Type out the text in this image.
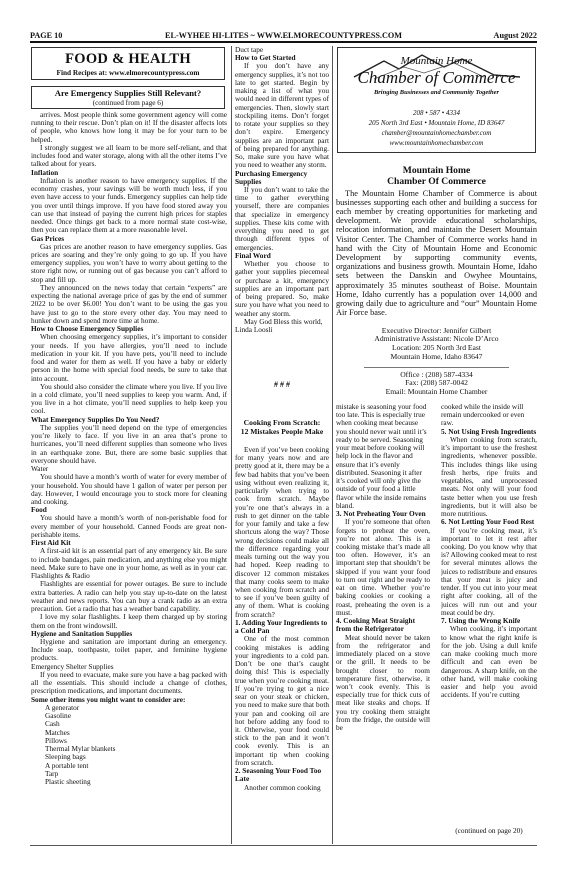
PAGE 10	EL-WYHEE HI-LITES ~ WWW.ELMORECOUNTYPRESS.COM	August 2022
FOOD & HEALTH
Find Recipes at: www.elmorecountypress.com
Are Emergency Supplies Still Relevant?
(continued from page 6)

arrives. Most people think some government agency will come running to their rescue. Don’t plan on it! If the disaster affects lots of people, who knows how long it may be for your turn to be helped.

I strongly suggest we all learn to be more self-reliant, and that includes food and water storage, along with all the other items I’ve talked about for years.

Inflation

Inflation is another reason to have emergency supplies. If the economy crashes, your savings will be worth much less, if you even have access to your funds. Emergency supplies can help tide you over until things improve. If you have food stored away you can use that instead of paying the current high prices for staples needed. Once things get back to a more normal state cost-wise, then you can replace them at a more reasonable level.

Gas Prices

Gas prices are another reason to have emergency supplies. Gas prices are soaring and they’re only going to go up. If you have emergency supplies, you won’t have to worry about getting to the store right now, or running out of gas because you can’t afford to stop and fill up.

They announced on the news today that certain “experts” are expecting the national average price of gas by the end of summer 2022 to be over $6.00! You don’t want to be using the gas you have just to go to the store every other day. You may need to hunker down and spend more time at home.

How to Choose Emergency Supplies

When choosing emergency supplies, it’s important to consider your needs. If you have allergies, you’ll need to include medication in your kit. If you have pets, you’ll need to include food and water for them as well. If you have a baby or elderly person in the home with special food needs, be sure to take that into account.

You should also consider the climate where you live. If you live in a cold climate, you’ll need supplies to keep you warm. And, if you live in a hot climate, you’ll need supplies to help keep you cool.

What Emergency Supplies Do You Need?

The supplies you’ll need depend on the type of emergencies you’re likely to face. If you live in an area that’s prone to hurricanes, you’ll need different supplies than someone who lives in an earthquake zone. But, there are some basic supplies that everyone should have.

Water

You should have a month’s worth of water for every member of your household. You should have 1 gallon of water per person per day. However, I would encourage you to stock more for cleaning and cooking.

Food

You should have a month’s worth of non-perishable food for every member of your household. Canned Foods are great non-perishable items.

First Aid Kit

A first-aid kit is an essential part of any emergency kit. Be sure to include bandages, pain medication, and anything else you might need. Make sure to have one in your home, as well as in your car. Flashlights & Radio

Flashlights are essential for power outages. Be sure to include extra batteries. A radio can help you stay up-to-date on the latest weather and news reports. You can buy a crank radio as an extra precaution. Get a radio that has a weather band capability.

I love my solar flashlights. I keep them charged up by storing them on the front windowsill.

Hygiene and Sanitation Supplies

Hygiene and sanitation are important during an emergency. Include soap, toothpaste, toilet paper, and feminine hygiene products.

Emergency Shelter Supplies

If you need to evacuate, make sure you have a bag packed with all the essentials. This should include a change of clothes, prescription medications, and important documents.

Some other items you might want to consider are:
A generator
Gasoline
Cash
Matches
Pillows
Thermal Mylar blankets
Sleeping bags
A portable tent
Tarp
Plastic sheeting
Duct tape
How to Get Started

If you don’t have any emergency supplies, it’s not too late to get started. Begin by making a list of what you would need in different types of emergencies. Then, slowly start stockpiling items. Don’t forget to rotate your supplies so they don’t expire. Emergency supplies are an important part of being prepared for anything. So, make sure you have what you need to weather any storm.

Purchasing Emergency Supplies

If you don’t want to take the time to gather everything yourself, there are companies that specialize in emergency supplies. These kits come with everything you need to get through different types of emergencies.

Final Word

Whether you choose to gather your supplies piecemeal or purchase a kit, emergency supplies are an important part of being prepared. So, make sure you have what you need to weather any storm.

May God Bless this world,

Linda Loosli
# # #
Mountain Home
Chamber of Commerce
Bringing Businesses and Community Together
208 • 587 • 4334
205 North 3rd East • Mountain Home, ID 83647
chamber@mountainhomechamber.com
www.mountainhomechamber.com
Mountain Home
Chamber Of Commerce

The Mountain Home Chamber of Commerce is about businesses supporting each other and building a success for each member by creating opportunities for marketing and development. We provide educational scholarships, relocation information, and maintain the Desert Mountain Visitor Center. The Chamber of Commerce works hand in hand with the City of Mountain Home and Economic Development by supporting community events, organizations and business growth. Mountain Home, Idaho sets between the Danskin and Owyhee Mountains, approximately 35 minutes southeast of Boise. Mountain Home, Idaho currently has a population over 14,000 and growing daily due to agriculture and “our” Mountain Home Air Force base.

Executive Director: Jennifer Gilbert
Administrative Assistant: Nicole D’Arco
Location: 205 North 3rd East
Mountain Home, Idaho 83647
Office : (208) 587-4334
Fax: (208) 587-0042
Email: Mountain Home Chamber
Cooking From Scratch:
12 Mistakes People Make

Even if you’ve been cooking for many years now and are pretty good at it, there may be a few bad habits that you’ve been using without even realizing it, particularly when trying to cook from scratch. Maybe you’re one that’s always in a rush to get dinner on the table for your family and take a few shortcuts along the way? Those wrong decisions could make all the difference regarding your meals turning out the way you had hoped. Keep reading to discover 12 common mistakes that many cooks seem to make when cooking from scratch and to see if you’ve been guilty of any of them. What is cooking from scratch?

1. Adding Your Ingredients to a Cold Pan

One of the most common cooking mistakes is adding your ingredients to a cold pan. Don’t be one that’s caught doing this! This is especially true when you’re cooking meat. If you’re trying to get a nice sear on your steak or chicken, you need to make sure that both your pan and cooking oil are hot before adding any food to it. Otherwise, your food could stick to the pan and it won’t cook evenly. This is an important tip when cooking from scratch.

2. Seasoning Your Food Too Late

Another common cooking

mistake is seasoning your food too late. This is especially true when cooking meat because you should never wait until it’s ready to be served. Seasoning your meat before cooking will help lock in the flavor and ensure that it’s evenly distributed. Seasoning it after it’s cooked will only give the outside of your food a little flavor while the inside remains bland.
3. Not Preheating Your Oven

If you’re someone that often forgets to preheat the oven, you’re not alone. This is a cooking mistake that’s made all too often. However, it’s an important step that shouldn’t be skipped if you want your food to turn out right and be ready to eat on time. Whether you’re baking cookies or cooking a roast, preheating the oven is a must.

4. Cooking Meat Straight from the Refrigerator

Meat should never be taken from the refrigerator and immediately placed on a stove or the grill. It needs to be brought closer to room temperature first, otherwise, it won’t cook evenly. This is especially true for thick cuts of meat like steaks and chops. If you try cooking them straight from the fridge, the outside will be

cooked while the inside will remain undercooked or even raw.
5. Not Using Fresh Ingredients

When cooking from scratch, it’s important to use the freshest ingredients, whenever possible. This includes things like using fresh herbs, ripe fruits and vegetables, and unprocessed meats. Not only will your food taste better when you use fresh ingredients, but it will also be more nutritious.

6. Not Letting Your Food Rest

If you’re cooking meat, it’s important to let it rest after cooking. Do you know why that is? Allowing cooked meat to rest for several minutes allows the juices to redistribute and ensures that your meat is juicy and tender. If you cut into your meat right after cooking, all of the juices will run out and your meat could be dry.

7. Using the Wrong Knife

When cooking, it’s important to know what the right knife is for the job. Using a dull knife can make cooking much more difficult and can even be dangerous. A sharp knife, on the other hand, will make cooking easier and help you avoid accidents. If you’re cutting

(continued on page 20)
